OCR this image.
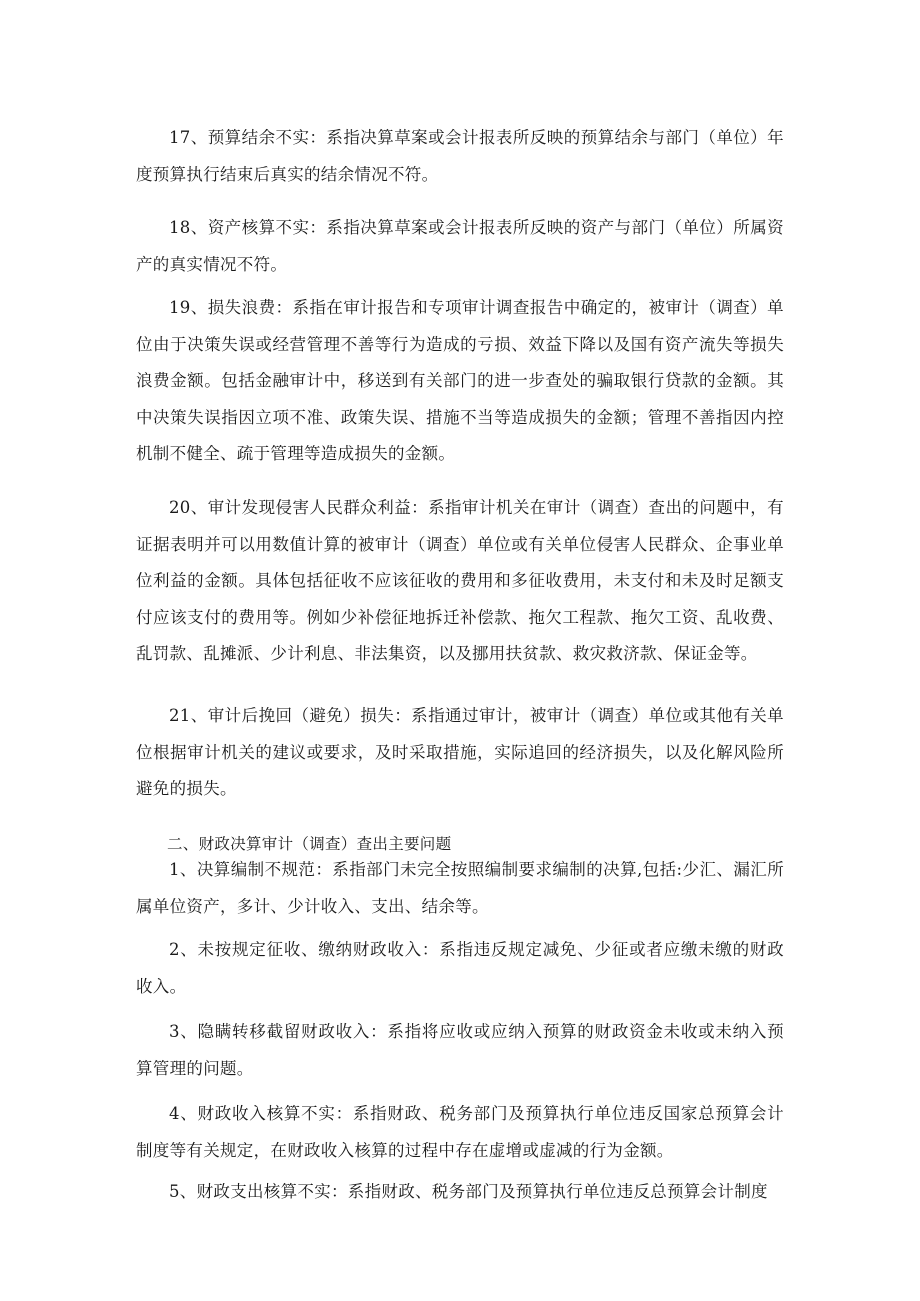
17、预算结余不实：系指决算草案或会计报表所反映的预算结余与部门（单位）年度预算执行结束后真实的结余情况不符。

18、资产核算不实：系指决算草案或会计报表所反映的资产与部门（单位）所属资产的真实情况不符。

19、损失浪费：系指在审计报告和专项审计调查报告中确定的，被审计（调查）单位由于决策失误或经营管理不善等行为造成的亏损、效益下降以及国有资产流失等损失浪费金额。包括金融审计中，移送到有关部门的进一步查处的骗取银行贷款的金额。其中决策失误指因立项不准、政策失误、措施不当等造成损失的金额；管理不善指因内控机制不健全、疏于管理等造成损失的金额。

20、审计发现侵害人民群众利益：系指审计机关在审计（调查）查出的问题中，有证据表明并可以用数值计算的被审计（调查）单位或有关单位侵害人民群众、企事业单位利益的金额。具体包括征收不应该征收的费用和多征收费用，未支付和未及时足额支付应该支付的费用等。例如少补偿征地拆迁补偿款、拖欠工程款、拖欠工资、乱收费、乱罚款、乱摊派、少计利息、非法集资，以及挪用扶贫款、救灾救济款、保证金等。

21、审计后挽回（避免）损失：系指通过审计，被审计（调查）单位或其他有关单位根据审计机关的建议或要求，及时采取措施，实际追回的经济损失，以及化解风险所避免的损失。

二、财政决算审计（调查）查出主要问题

1、决算编制不规范：系指部门未完全按照编制要求编制的决算,包括:少汇、漏汇所属单位资产，多计、少计收入、支出、结余等。

2、未按规定征收、缴纳财政收入：系指违反规定减免、少征或者应缴未缴的财政收入。

3、隐瞒转移截留财政收入：系指将应收或应纳入预算的财政资金未收或未纳入预算管理的问题。

4、财政收入核算不实：系指财政、税务部门及预算执行单位违反国家总预算会计制度等有关规定，在财政收入核算的过程中存在虚增或虚减的行为金额。

5、财政支出核算不实：系指财政、税务部门及预算执行单位违反总预算会计制度
